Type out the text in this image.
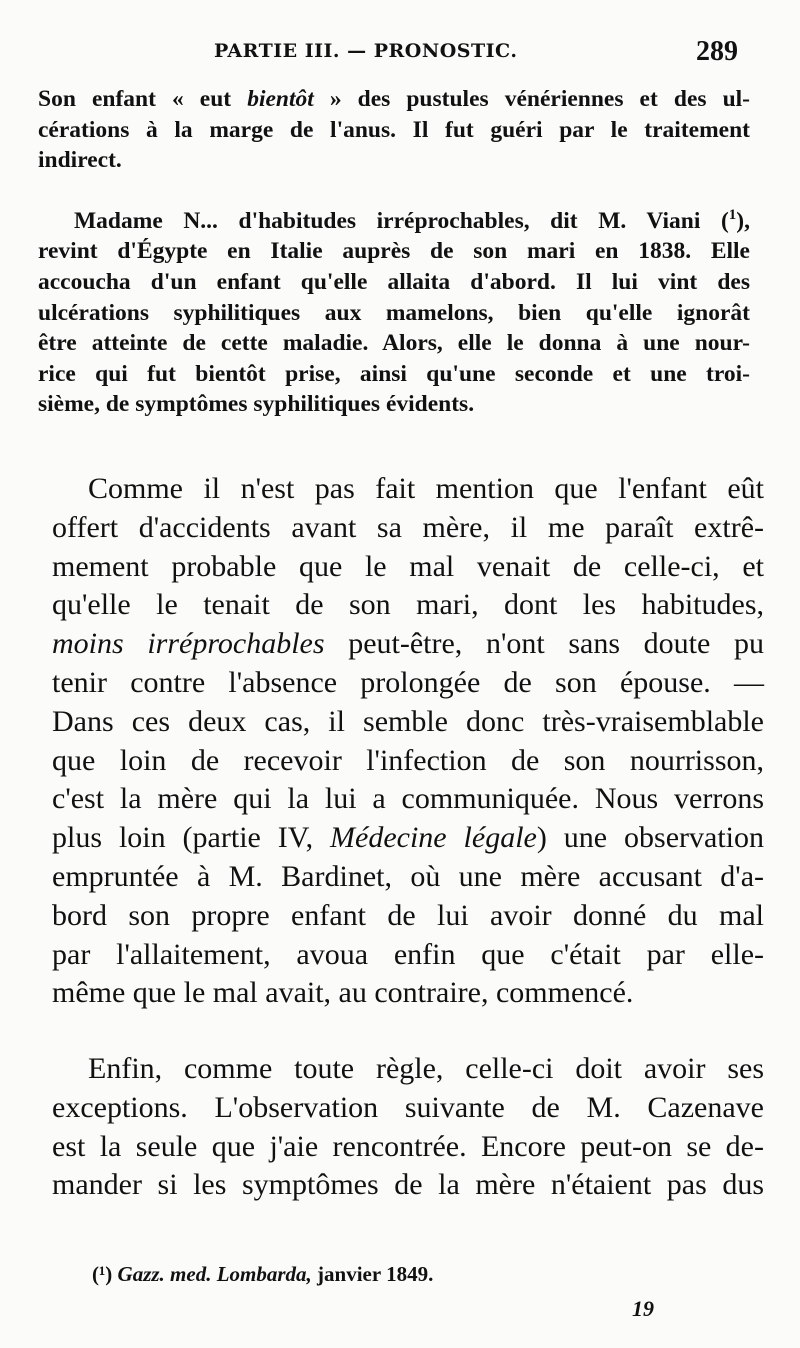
PARTIE III. — PRONOSTIC.	289
Son enfant « eut bientôt » des pustules vénériennes et des ul-
cérations à la marge de l'anus. Il fut guéri par le traitement
indirect.
Madame N... d'habitudes irréprochables, dit M. Viani ($^1$),
revint d'Égypte en Italie auprès de son mari en 1838. Elle
accoucha d'un enfant qu'elle allaita d'abord. Il lui vint des
ulcérations syphilitiques aux mamelons, bien qu'elle ignorât
être atteinte de cette maladie. Alors, elle le donna à une nour-
rice qui fut bientôt prise, ainsi qu'une seconde et une troi-
sième, de symptômes syphilitiques évidents.
Comme il n'est pas fait mention que l'enfant eût
offert d'accidents avant sa mère, il me paraît extrê-
mement probable que le mal venait de celle-ci, et
qu'elle le tenait de son mari, dont les habitudes,
moins irréprochables peut-être, n'ont sans doute pu
tenir contre l'absence prolongée de son épouse. —
Dans ces deux cas, il semble donc très-vraisemblable
que loin de recevoir l'infection de son nourrisson,
c'est la mère qui la lui a communiquée. Nous verrons
plus loin (partie IV, Médecine légale) une observation
empruntée à M. Bardinet, où une mère accusant d'a-
bord son propre enfant de lui avoir donné du mal
par l'allaitement, avoua enfin que c'était par elle-
même que le mal avait, au contraire, commencé.
Enfin, comme toute règle, celle-ci doit avoir ses
exceptions. L'observation suivante de M. Cazenave
est la seule que j'aie rencontrée. Encore peut-on se de-
mander si les symptômes de la mère n'étaient pas dus
(¹) Gazz. med. Lombarda, janvier 1849.
19
